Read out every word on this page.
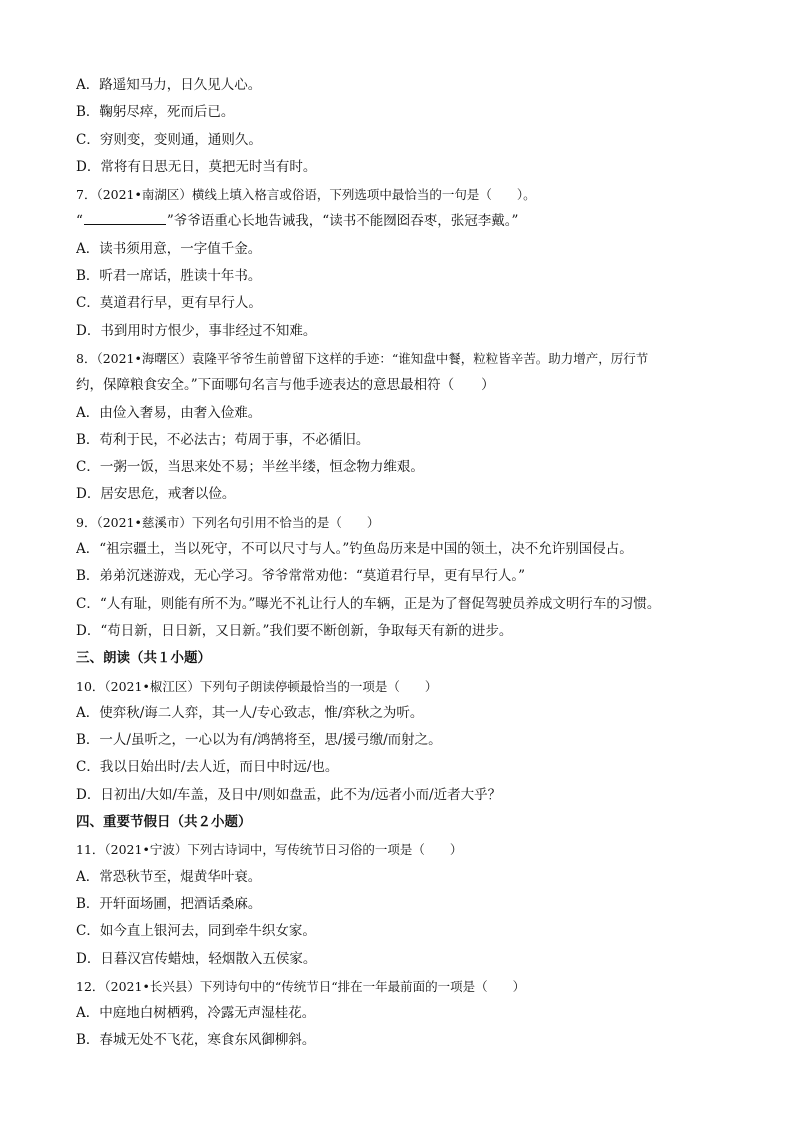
A．路遥知马力，日久见人心。
B．鞠躬尽瘁，死而后已。
C．穷则变，变则通，通则久。
D．常将有日思无日，莫把无时当有时。
7．（2021•南湖区）横线上填入格言或俗语，下列选项中最恰当的一句是（　　）。
“	”爷爷语重心长地告诫我，“读书不能囫囵吞枣，张冠李戴。”
A．读书须用意，一字值千金。
B．听君一席话，胜读十年书。
C．莫道君行早，更有早行人。
D．书到用时方恨少，事非经过不知难。
8．（2021•海曙区）袁隆平爷爷生前曾留下这样的手迹：“谁知盘中餐，粒粒皆辛苦。助力增产，厉行节
约，保障粮食安全。”下面哪句名言与他手迹表达的意思最相符（　　）
A．由俭入奢易，由奢入俭难。
B．苟利于民，不必法古；苟周于事，不必循旧。
C．一粥一饭，当思来处不易；半丝半缕，恒念物力维艰。
D．居安思危，戒奢以俭。
9．（2021•慈溪市）下列名句引用不恰当的是（　　）
A．“祖宗疆土，当以死守，不可以尺寸与人。”钓鱼岛历来是中国的领土，决不允许别国侵占。
B．弟弟沉迷游戏，无心学习。爷爷常常劝他：“莫道君行早，更有早行人。”
C．“人有耻，则能有所不为。”曝光不礼让行人的车辆，正是为了督促驾驶员养成文明行车的习惯。
D．“苟日新，日日新，又日新。”我们要不断创新，争取每天有新的进步。
三、朗读（共１小题）
10．（2021•椒江区）下列句子朗读停顿最恰当的一项是（　　）
A．使弈秋/诲二人弈，其一人/专心致志，惟/弈秋之为听。
B．一人/虽听之，一心以为有/鸿鹄将至，思/援弓缴/而射之。
C．我以日始出时/去人近，而日中时远/也。
D．日初出/大如/车盖，及日中/则如盘盂，此不为/远者小而/近者大乎？
四、重要节假日（共２小题）
11．（2021•宁波）下列古诗词中，写传统节日习俗的一项是（　　）
A．常恐秋节至，焜黄华叶衰。
B．开轩面场圃，把酒话桑麻。
C．如今直上银河去，同到牵牛织女家。
D．日暮汉宫传蜡烛，轻烟散入五侯家。
12．（2021•长兴县）下列诗句中的“传统节日“排在一年最前面的一项是（　　）
A．中庭地白树栖鸦，冷露无声湿桂花。
B．春城无处不飞花，寒食东风御柳斜。
